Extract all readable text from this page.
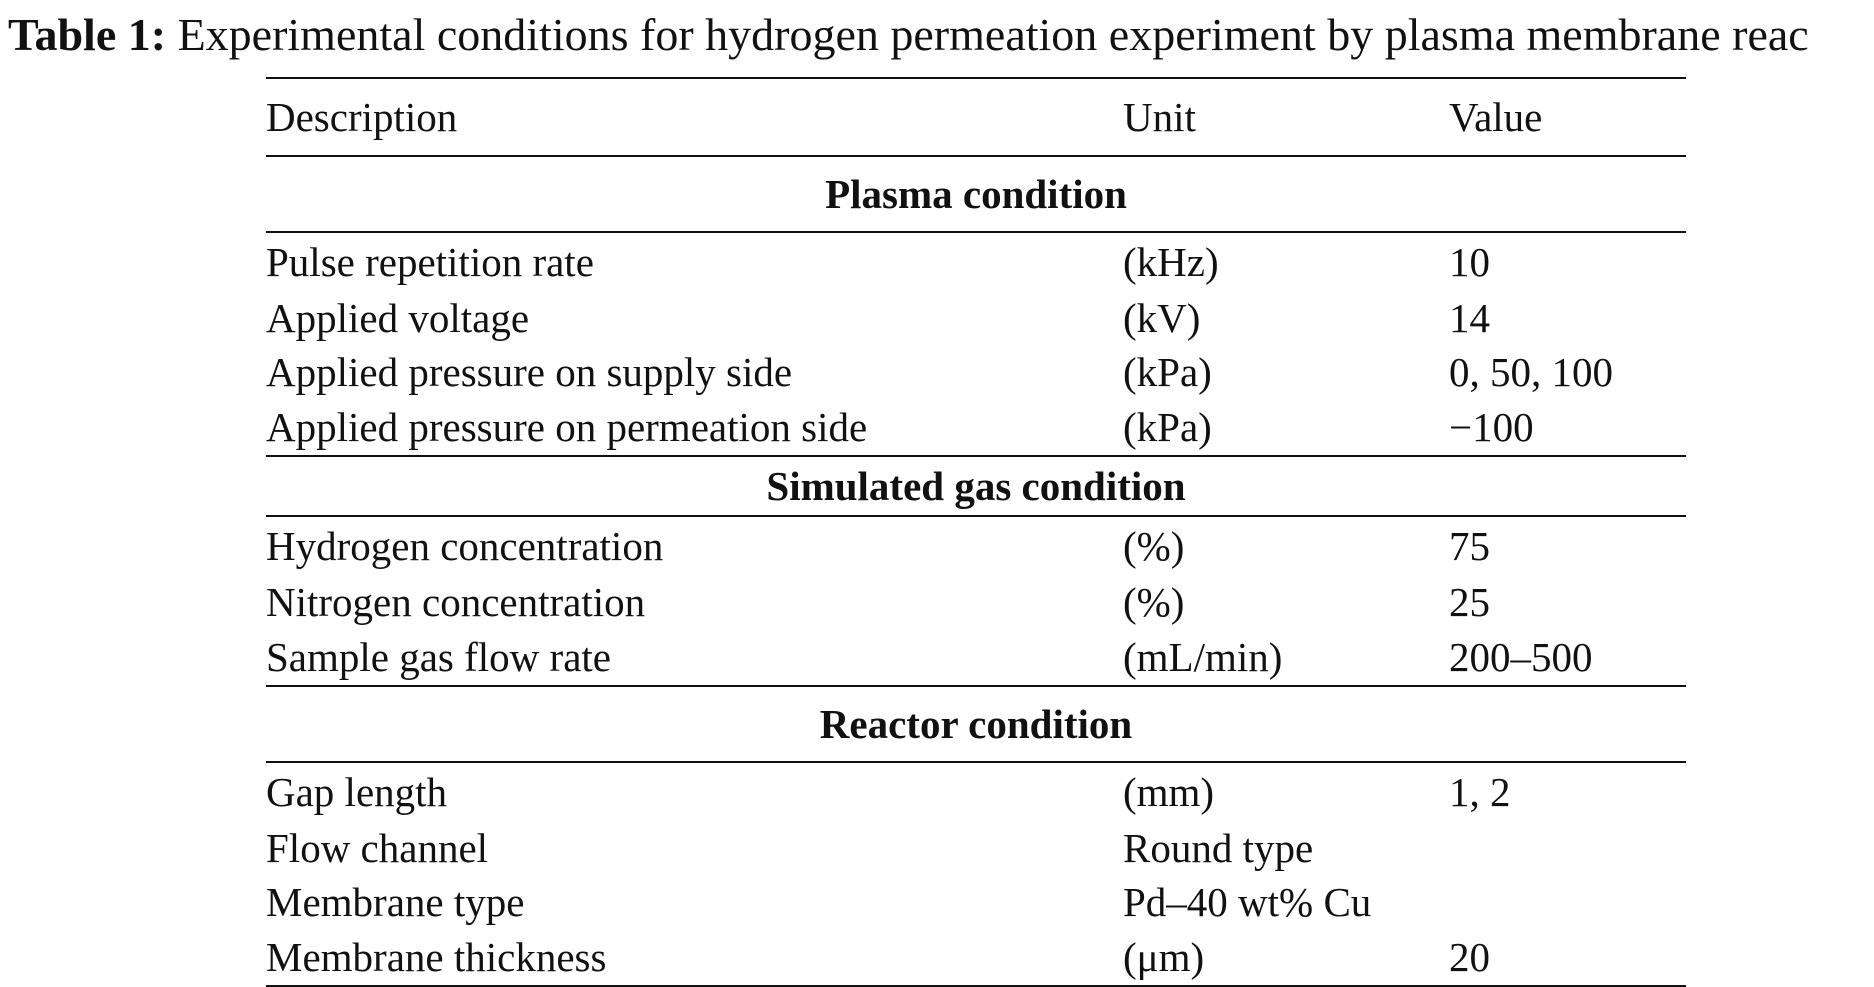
Table 1: Experimental conditions for hydrogen permeation experiment by plasma membrane reac
Description	Unit	Value
Plasma condition		
Pulse repetition rate	(kHz)	10
Applied voltage	(kV)	14
Applied pressure on supply side	(kPa)	0, 50, 100
Applied pressure on permeation side	(kPa)	−100
Simulated gas condition		
Hydrogen concentration	(%)	75
Nitrogen concentration	(%)	25
Sample gas flow rate	(mL/min)	200–500
Reactor condition		
Gap length	(mm)	1, 2
Flow channel	Round type	
Membrane type	Pd–40 wt% Cu	
Membrane thickness	(μm)	20
